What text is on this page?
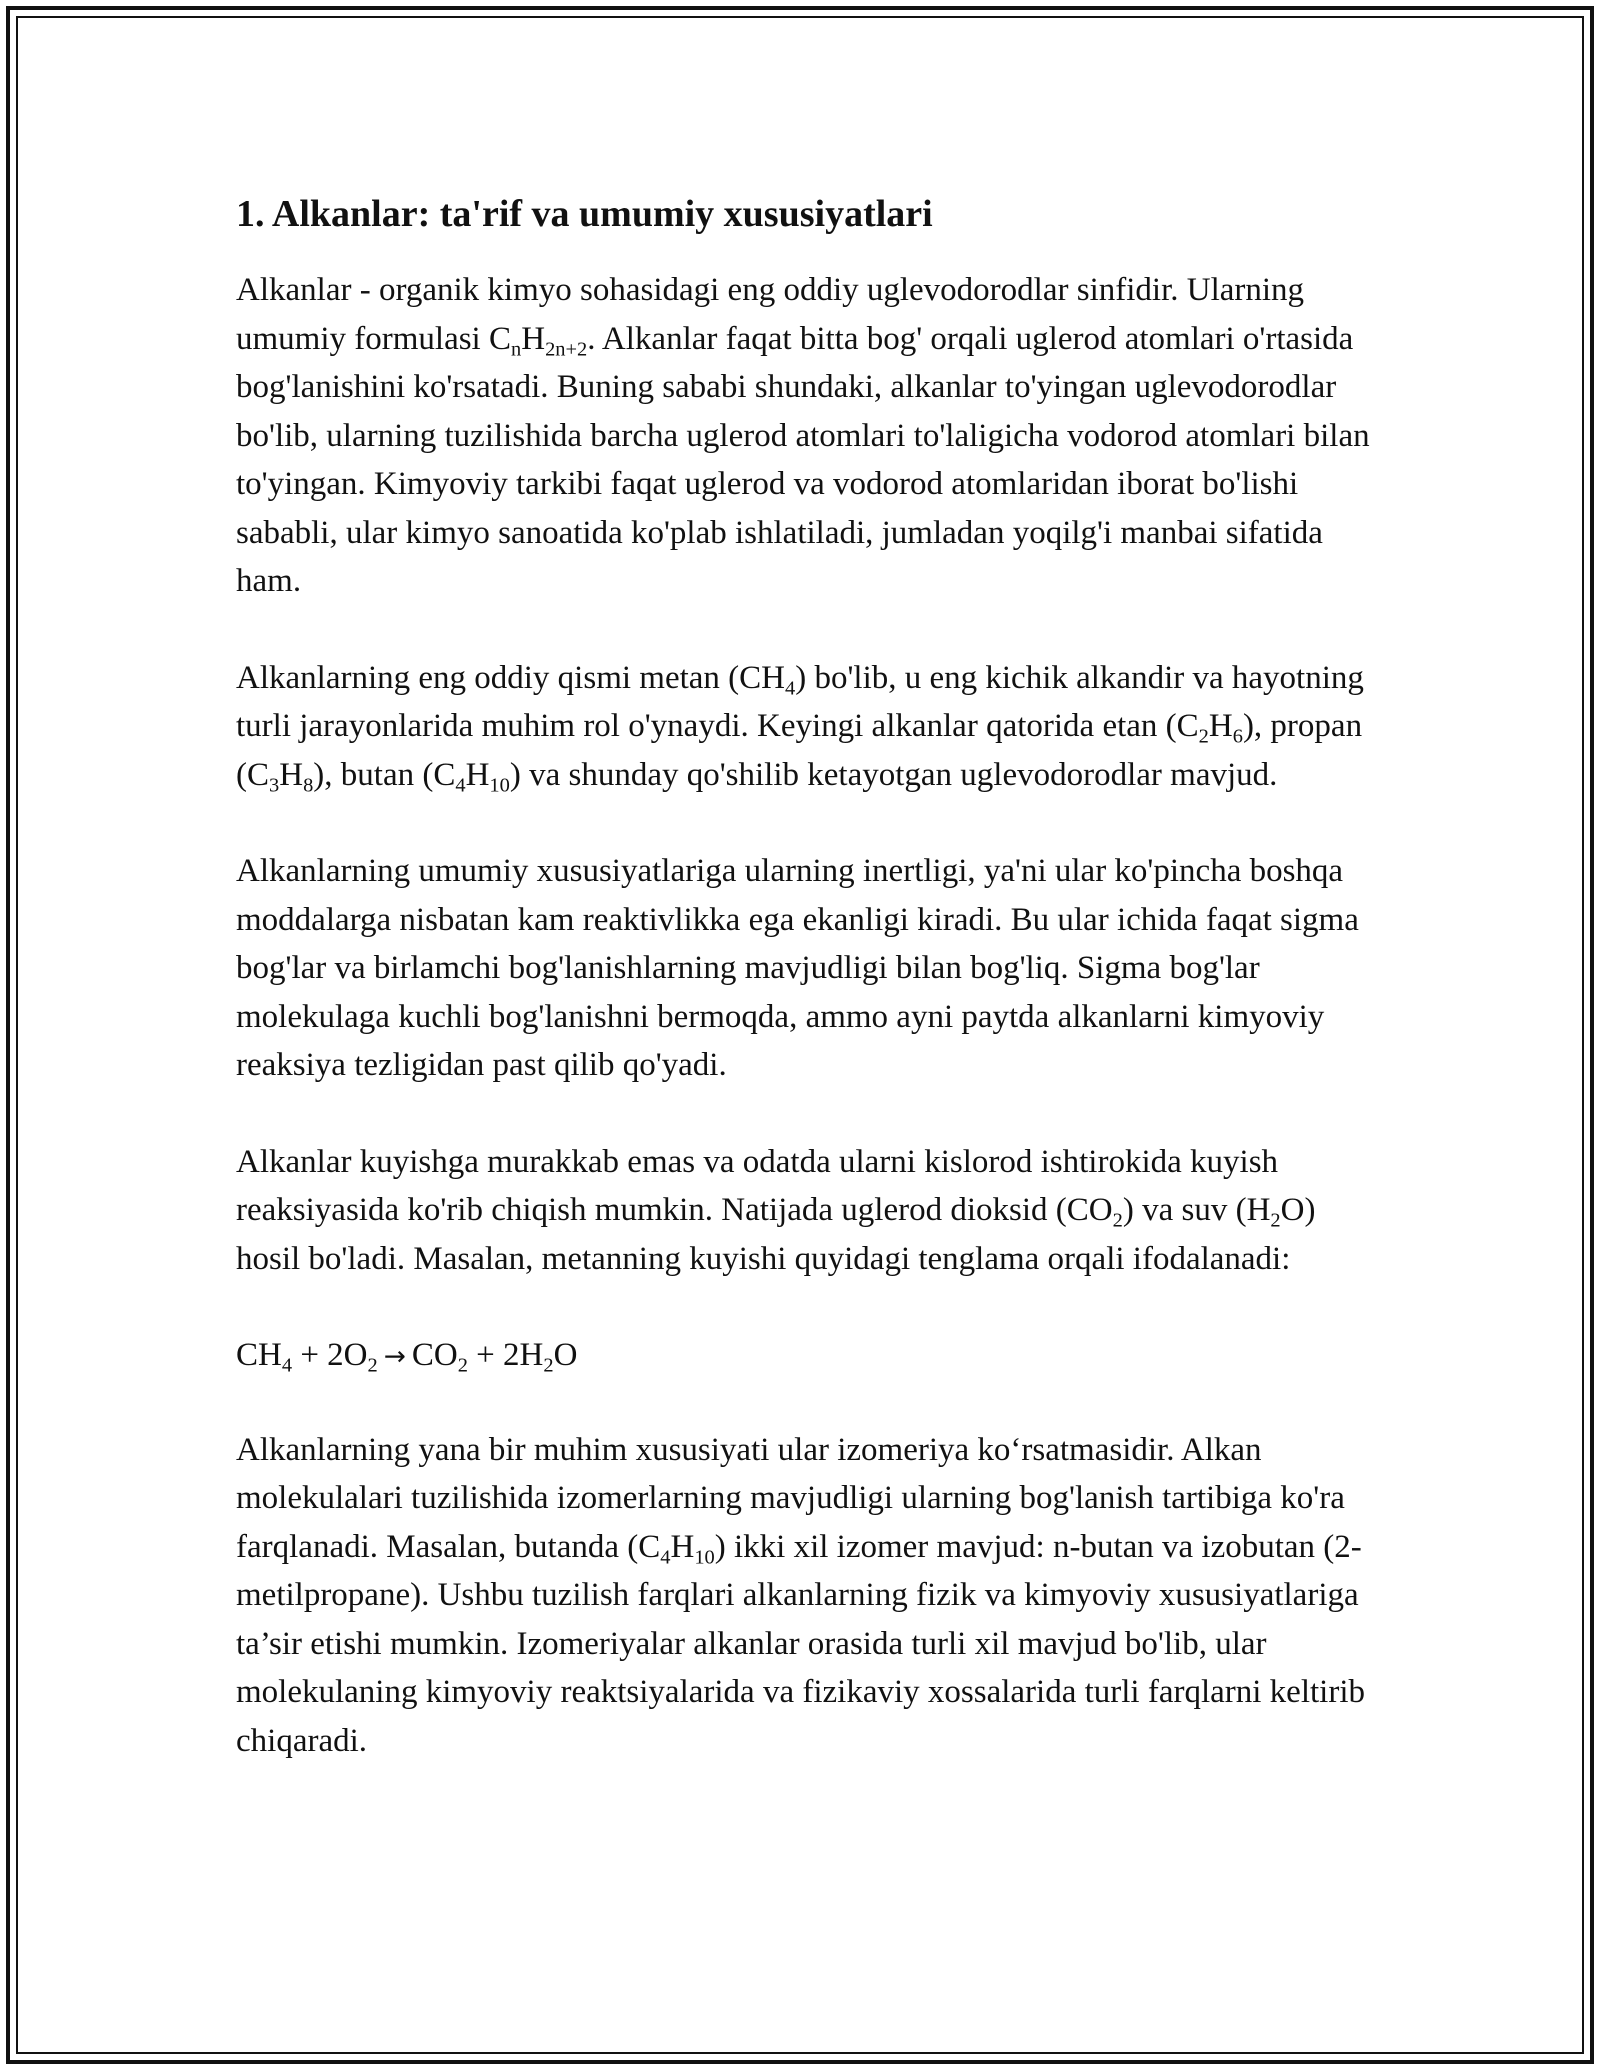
1. Alkanlar: ta'rif va umumiy xususiyatlari

Alkanlar - organik kimyo sohasidagi eng oddiy uglevodorodlar sinfidir. Ularning umumiy formulasi $C_nH_{2n+2}$. Alkanlar faqat bitta bog' orqali uglerod atomlari o'rtasida bog'lanishini ko'rsatadi. Buning sababi shundaki, alkanlar to'yingan uglevodorodlar bo'lib, ularning tuzilishida barcha uglerod atomlari to'laligicha vodorod atomlari bilan to'yingan. Kimyoviy tarkibi faqat uglerod va vodorod atomlaridan iborat bo'lishi sababli, ular kimyo sanoatida ko'plab ishlatiladi, jumladan yoqilg'i manbai sifatida ham.

Alkanlarning eng oddiy qismi metan $(CH_4)$ bo'lib, u eng kichik alkandir va hayotning turli jarayonlarida muhim rol o'ynaydi. Keyingi alkanlar qatorida etan $(C_2H_6)$, propan $(C_3H_8)$, butan $(C_4H_{10})$ va shunday qo'shilib ketayotgan uglevodorodlar mavjud.

Alkanlarning umumiy xususiyatlariga ularning inertligi, ya'ni ular ko'pincha boshqa moddalarga nisbatan kam reaktivlikka ega ekanligi kiradi. Bu ular ichida faqat sigma bog'lar va birlamchi bog'lanishlarning mavjudligi bilan bog'liq. Sigma bog'lar molekulaga kuchli bog'lanishni bermoqda, ammo ayni paytda alkanlarni kimyoviy reaksiya tezligidan past qilib qo'yadi.

Alkanlar kuyishga murakkab emas va odatda ularni kislorod ishtirokida kuyish reaksiyasida ko'rib chiqish mumkin. Natijada uglerod dioksid $(CO_2)$ va suv $(H_2O)$ hosil bo'ladi. Masalan, metanning kuyishi quyidagi tenglama orqali ifodalanadi:

$CH_4 + 2O_2 \to CO_2 + 2H_2O$

Alkanlarning yana bir muhim xususiyati ular izomeriya ko‘rsatmasidir. Alkan molekulalari tuzilishida izomerlarning mavjudligi ularning bog'lanish tartibiga ko'ra farqlanadi. Masalan, butanda $(C_4H_{10})$ ikki xil izomer mavjud: n-butan va izobutan (2-metilpropane). Ushbu tuzilish farqlari alkanlarning fizik va kimyoviy xususiyatlariga ta’sir etishi mumkin. Izomeriyalar alkanlar orasida turli xil mavjud bo'lib, ular molekulaning kimyoviy reaktsiyalarida va fizikaviy xossalarida turli farqlarni keltirib chiqaradi.
